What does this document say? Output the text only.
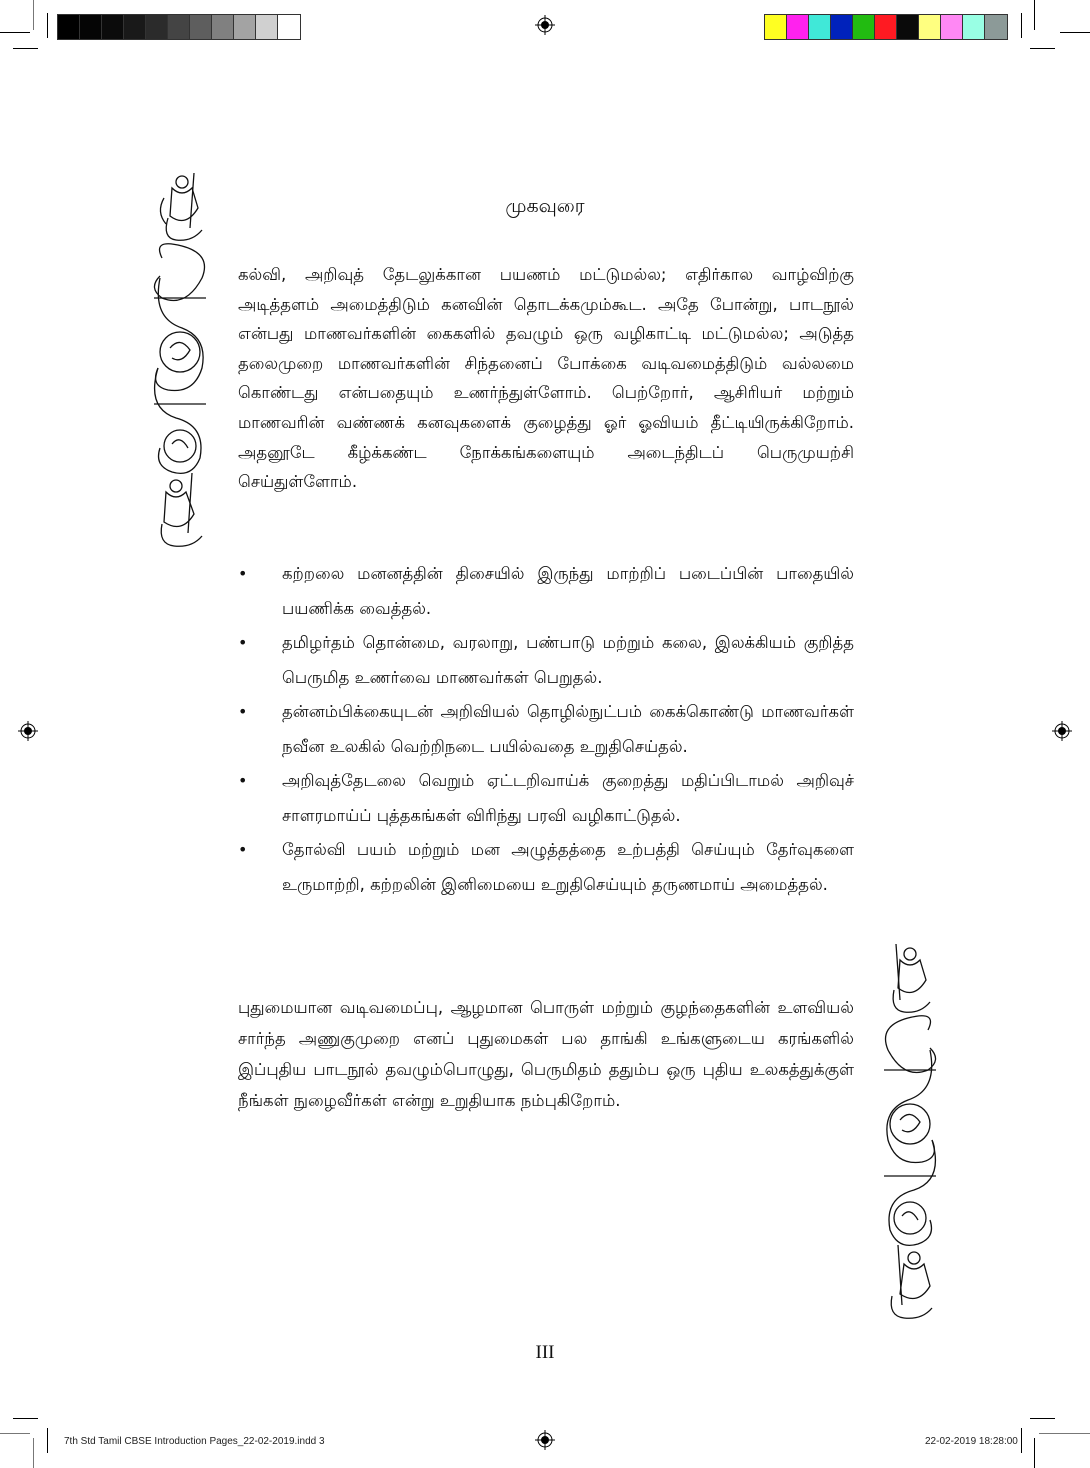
முகவுரை

கல்வி, அறிவுத் தேடலுக்கான பயணம் மட்டுமல்ல; எதிர்கால வாழ்விற்கு அடித்தளம் அமைத்திடும் கனவின் தொடக்கமும்கூட. அதே போன்று, பாடநூல் என்பது மாணவர்களின் கைகளில் தவழும் ஒரு வழிகாட்டி மட்டுமல்ல; அடுத்த தலைமுறை மாணவர்களின் சிந்தனைப் போக்கை வடிவமைத்திடும் வல்லமை கொண்டது என்பதையும் உணர்ந்துள்ளோம். பெற்றோர், ஆசிரியர் மற்றும் மாணவரின் வண்ணக் கனவுகளைக் குழைத்து ஓர் ஓவியம் தீட்டியிருக்கிறோம். அதனூடே கீழ்க்கண்ட நோக்கங்களையும் அடைந்திடப் பெருமுயற்சி செய்துள்ளோம்.

• கற்றலை மனனத்தின் திசையில் இருந்து மாற்றிப் படைப்பின் பாதையில் பயணிக்க வைத்தல்.
• தமிழர்தம் தொன்மை, வரலாறு, பண்பாடு மற்றும் கலை, இலக்கியம் குறித்த பெருமித உணர்வை மாணவர்கள் பெறுதல்.
• தன்னம்பிக்கையுடன் அறிவியல் தொழில்நுட்பம் கைக்கொண்டு மாணவர்கள் நவீன உலகில் வெற்றிநடை பயில்வதை உறுதிசெய்தல்.
• அறிவுத்தேடலை வெறும் ஏட்டறிவாய்க் குறைத்து மதிப்பிடாமல் அறிவுச் சாளரமாய்ப் புத்தகங்கள் விரிந்து பரவி வழிகாட்டுதல்.
• தோல்வி பயம் மற்றும் மன அழுத்தத்தை உற்பத்தி செய்யும் தேர்வுகளை உருமாற்றி, கற்றலின் இனிமையை உறுதிசெய்யும் தருணமாய் அமைத்தல்.

புதுமையான வடிவமைப்பு, ஆழமான பொருள் மற்றும் குழந்தைகளின் உளவியல் சார்ந்த அணுகுமுறை எனப் புதுமைகள் பல தாங்கி உங்களுடைய கரங்களில் இப்புதிய பாடநூல் தவழும்பொழுது, பெருமிதம் ததும்ப ஒரு புதிய உலகத்துக்குள் நீங்கள் நுழைவீர்கள் என்று உறுதியாக நம்புகிறோம்.

III
7th Std Tamil CBSE Introduction Pages_22-02-2019.indd 3	22-02-2019 18:28:00
